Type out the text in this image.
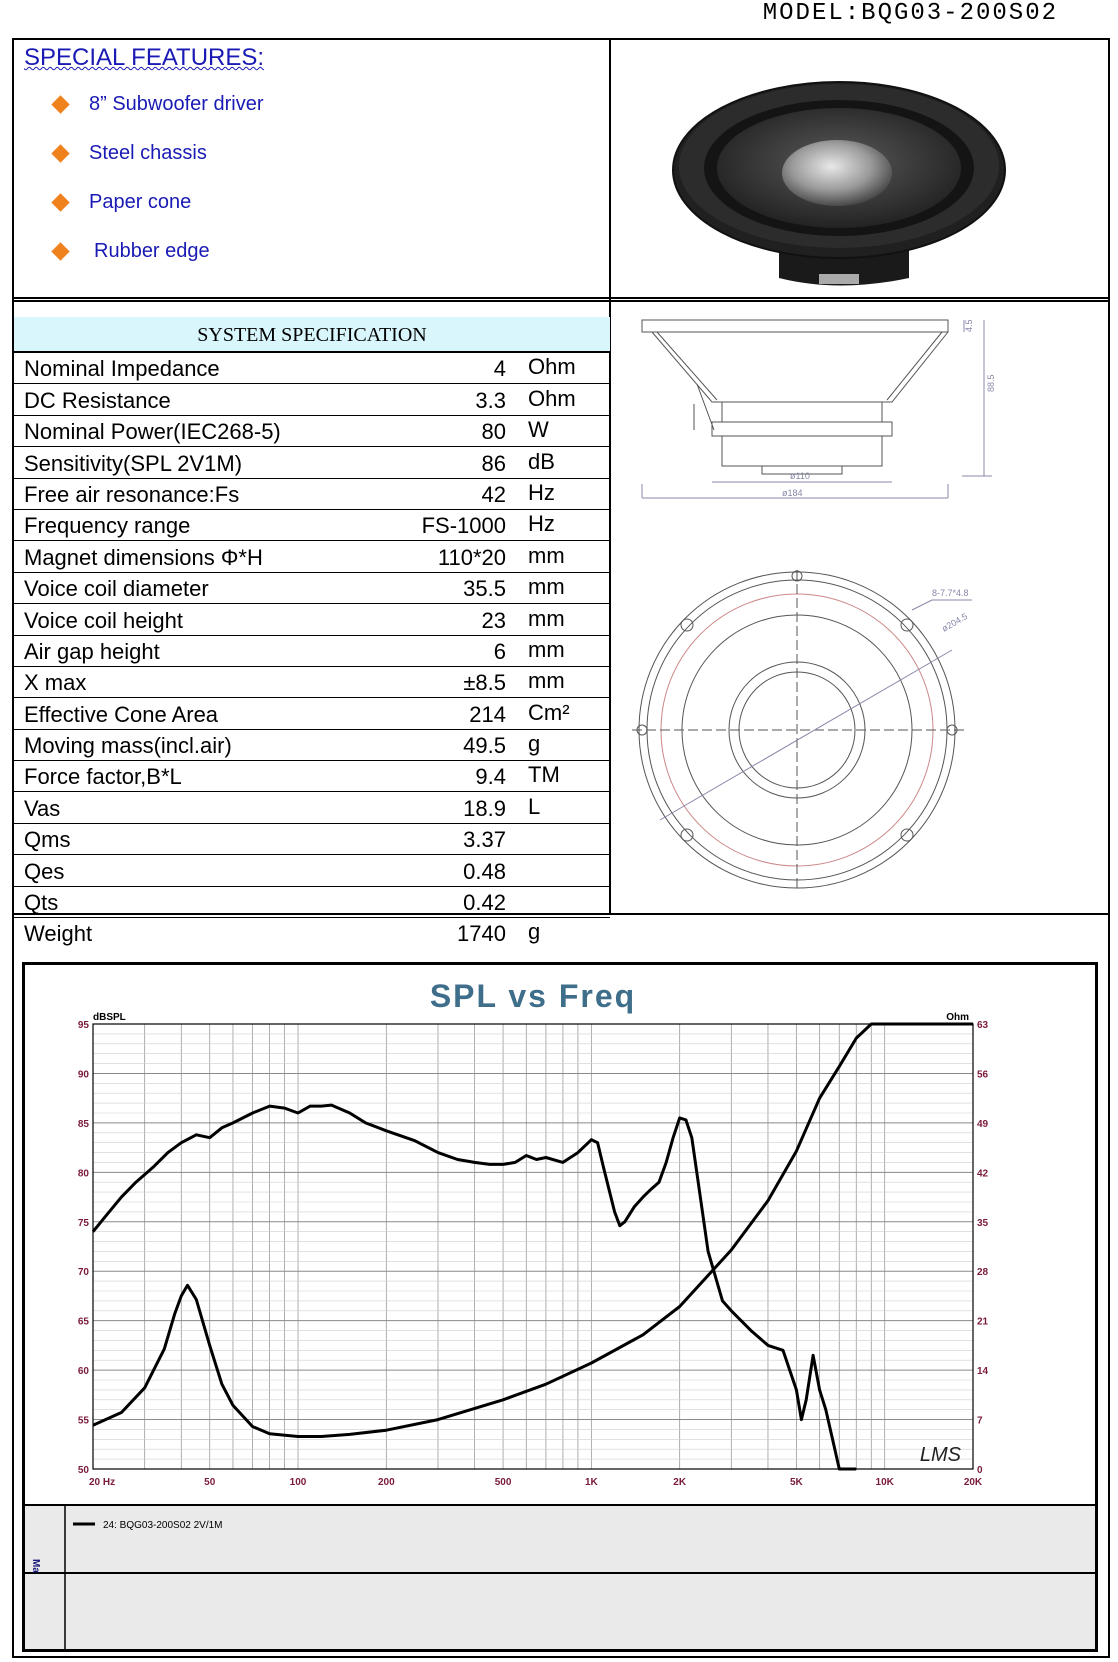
MODEL:BQG03-200S02
SPECIAL FEATURES:
8” Subwoofer driver
Steel chassis
Paper cone
Rubber edge
SYSTEM SPECIFICATION
Nominal Impedance	4 Ohm
DC Resistance	3.3 Ohm
Nominal Power(IEC268-5)	80 W
Sensitivity(SPL 2V1M)	86 dB
Free air resonance:Fs	42 Hz
Frequency range	FS-1000 Hz
Magnet dimensions Φ*H	110*20 mm
Voice coil diameter	35.5 mm
Voice coil height	23 mm
Air gap height	6 mm
X max	±8.5 mm
Effective Cone Area	214 Cm²
Moving mass(incl.air)	49.5 g
Force factor,B*L	9.4 TM
Vas	18.9 L
Qms	3.37
Qes	0.48
Qts	0.42
Weight	1740 g
4.5
88.5
ø110
ø184
8-7.7*4.8
ø204.5
SPL vs Freq
dBSPL	Ohm
95
90
85
80
75
70
65
60
55
50
63
56
49
42
35
28
21
14
7
0
20 Hz	50	100	200	500	1K	2K	5K	10K	20K
LMS
24: BQG03-200S02 2V/1M
Ma
